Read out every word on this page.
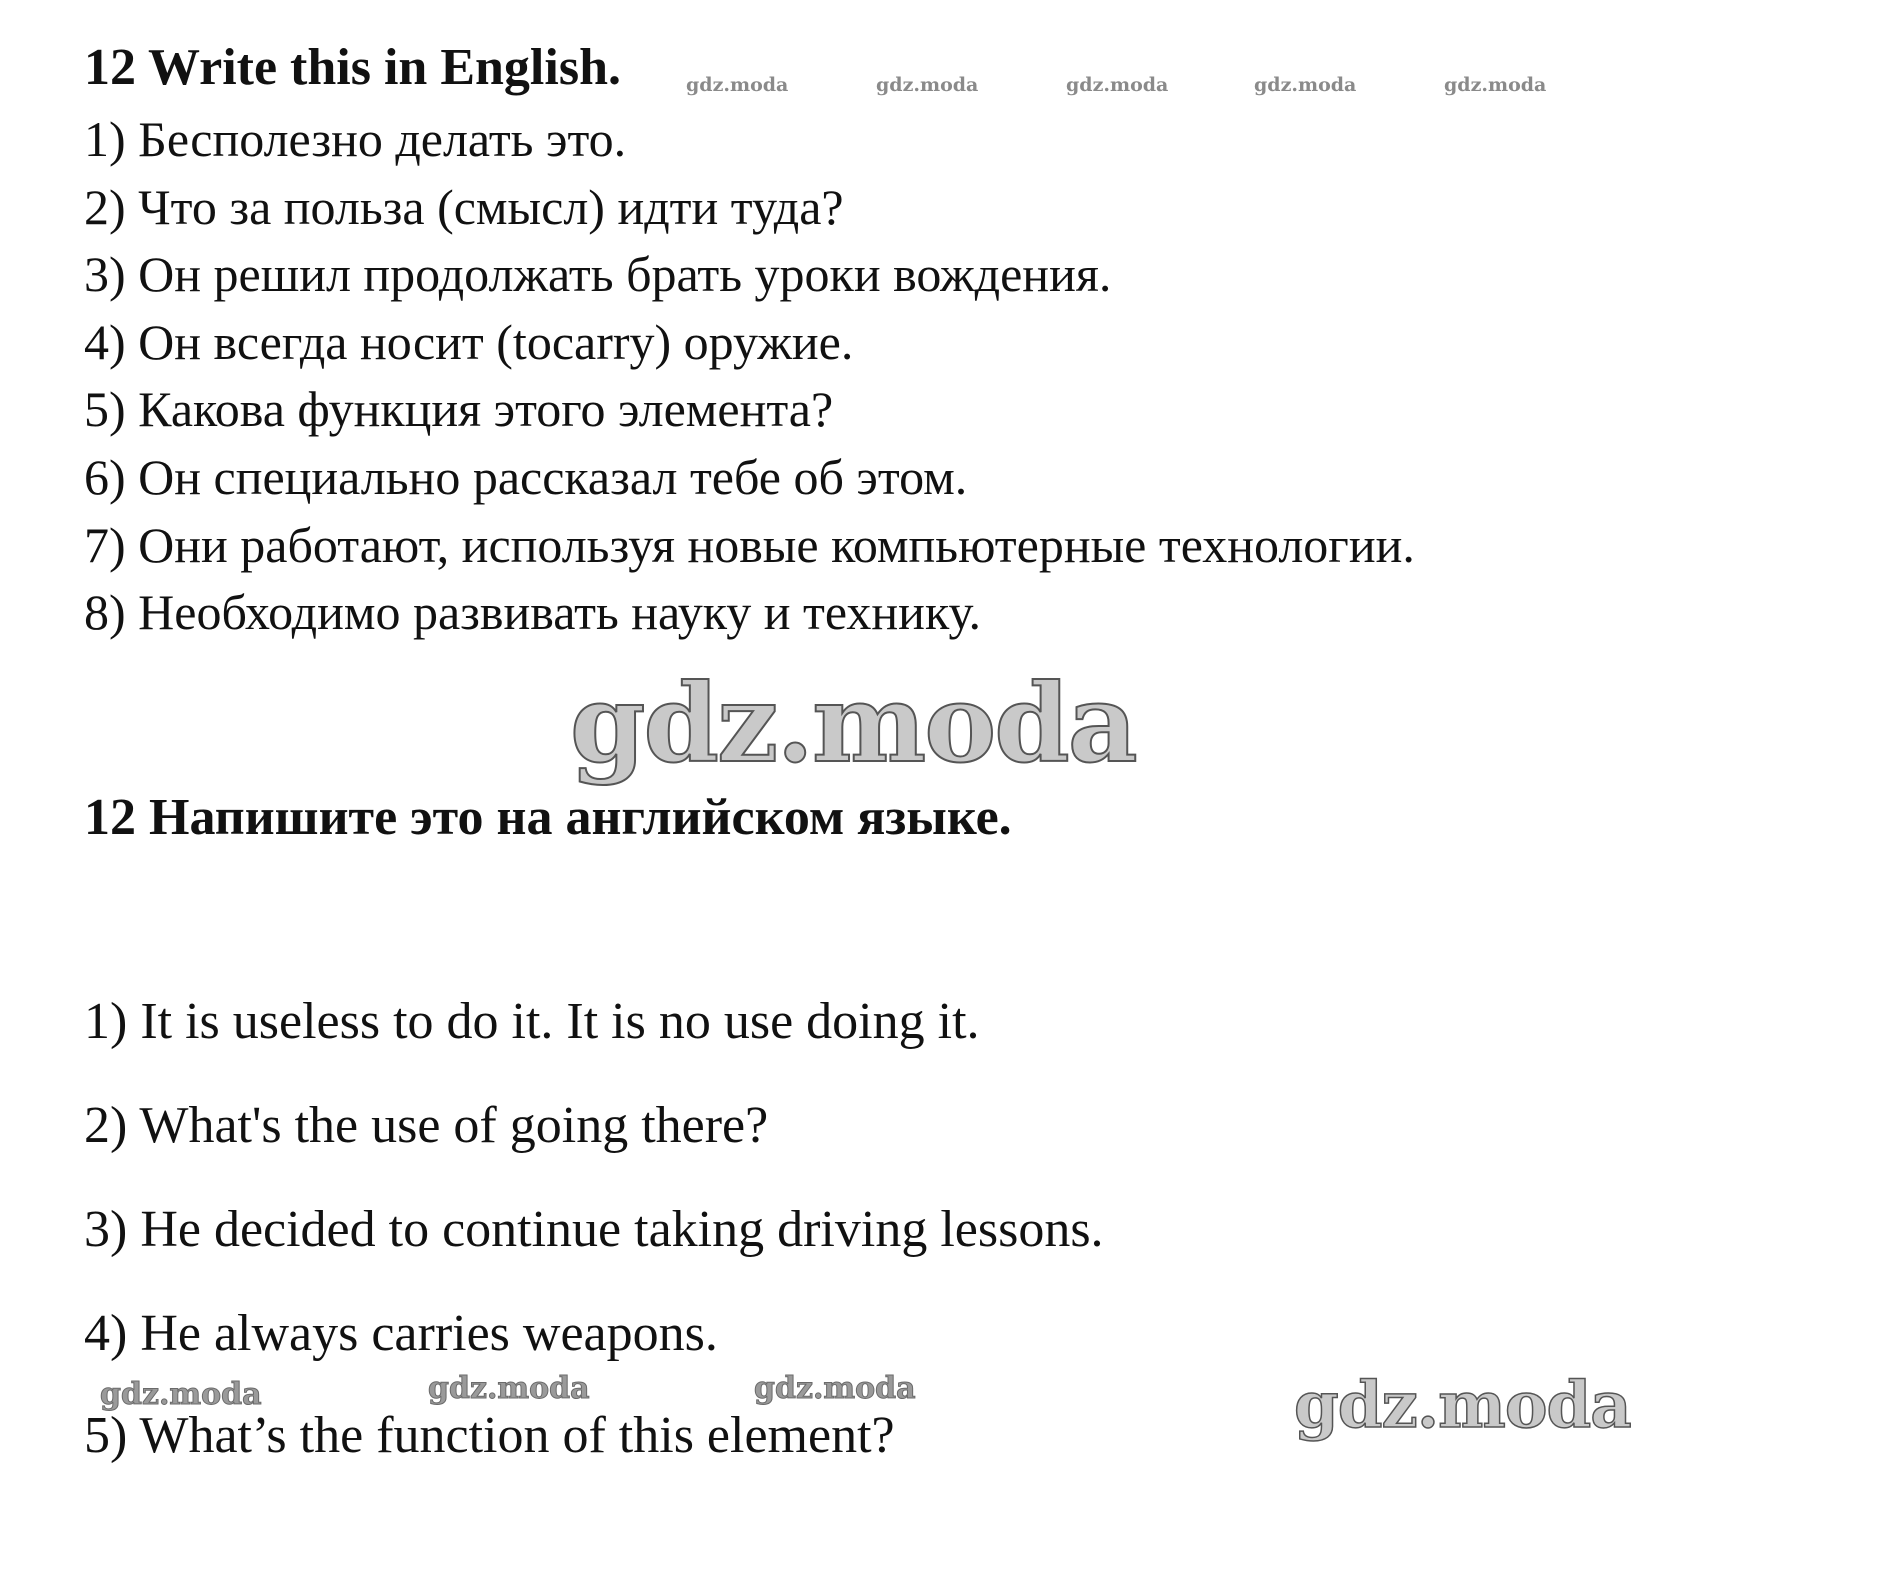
12 Write this in English.	gdz.moda	gdz.moda	gdz.moda	gdz.moda	gdz.moda
1) Бесполезно делать это.
2) Что за польза (смысл) идти туда?
3) Он решил продолжать брать уроки вождения.
4) Он всегда носит (tocarry) оружие.
5) Какова функция этого элемента?
6) Он специально рассказал тебе об этом.
7) Они работают, используя новые компьютерные технологии.
8) Необходимо развивать науку и технику.
gdz.moda
12 Напишите это на английском языке.
1) It is useless to do it. It is no use doing it.
2) What's the use of going there?
3) He decided to continue taking driving lessons.
4) He always carries weapons.
gdz.moda	gdz.moda	gdz.moda
5) What’s the function of this element?	gdz.moda
